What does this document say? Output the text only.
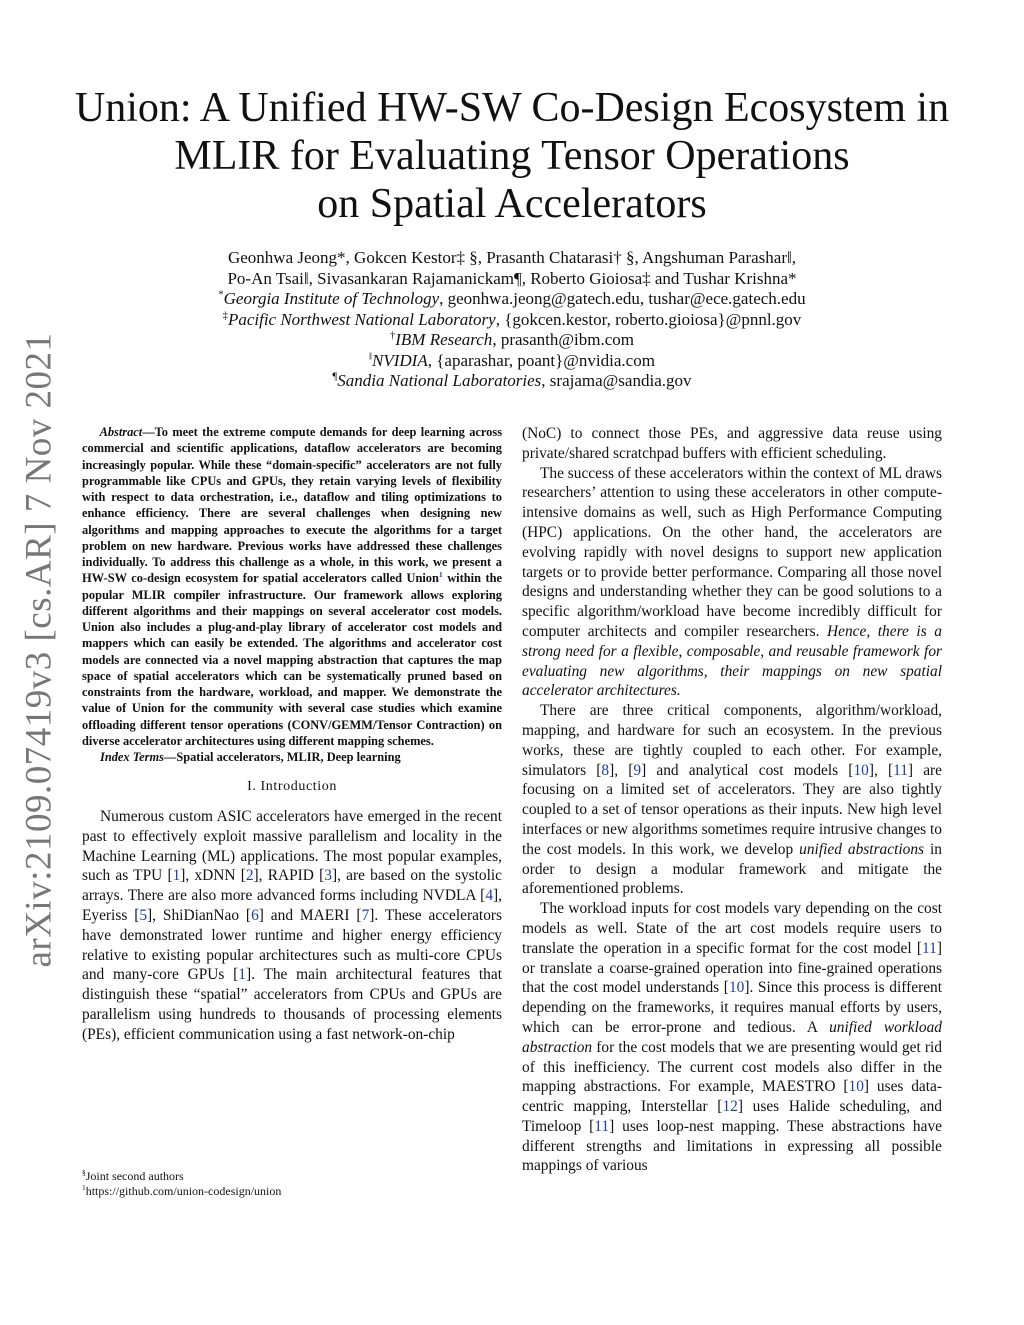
arXiv:2109.07419v3 [cs.AR] 7 Nov 2021
Union: A Unified HW-SW Co-Design Ecosystem in
MLIR for Evaluating Tensor Operations
on Spatial Accelerators
Geonhwa Jeong*, Gokcen Kestor‡ §, Prasanth Chatarasi† §, Angshuman Parashar‖,
Po-An Tsai‖, Sivasankaran Rajamanickam¶, Roberto Gioiosa‡ and Tushar Krishna*
*Georgia Institute of Technology, geonhwa.jeong@gatech.edu, tushar@ece.gatech.edu
‡Pacific Northwest National Laboratory, {gokcen.kestor, roberto.gioiosa}@pnnl.gov
†IBM Research, prasanth@ibm.com
‖NVIDIA, {aparashar, poant}@nvidia.com
¶Sandia National Laboratories, srajama@sandia.gov
Abstract—To meet the extreme compute demands for deep learning across commercial and scientific applications, dataflow accelerators are becoming increasingly popular. While these “domain-specific” accelerators are not fully programmable like CPUs and GPUs, they retain varying levels of flexibility with respect to data orchestration, i.e., dataflow and tiling optimizations to enhance efficiency. There are several challenges when designing new algorithms and mapping approaches to execute the algorithms for a target problem on new hardware. Previous works have addressed these challenges individually. To address this challenge as a whole, in this work, we present a HW-SW co-design ecosystem for spatial accelerators called Union$^1$ within the popular MLIR compiler infrastructure. Our framework allows exploring different algorithms and their mappings on several accelerator cost models. Union also includes a plug-and-play library of accelerator cost models and mappers which can easily be extended. The algorithms and accelerator cost models are connected via a novel mapping abstraction that captures the map space of spatial accelerators which can be systematically pruned based on constraints from the hardware, workload, and mapper. We demonstrate the value of Union for the community with several case studies which examine offloading different tensor operations (CONV/GEMM/Tensor Contraction) on diverse accelerator architectures using different mapping schemes.
Index Terms—Spatial accelerators, MLIR, Deep learning
I. Introduction

Numerous custom ASIC accelerators have emerged in the recent past to effectively exploit massive parallelism and locality in the Machine Learning (ML) applications. The most popular examples, such as TPU [1], xDNN [2], RAPID [3], are based on the systolic arrays. There are also more advanced forms including NVDLA [4], Eyeriss [5], ShiDianNao [6] and MAERI [7]. These accelerators have demonstrated lower runtime and higher energy efficiency relative to existing popular architectures such as multi-core CPUs and many-core GPUs [1]. The main architectural features that distinguish these “spatial” accelerators from CPUs and GPUs are parallelism using hundreds to thousands of processing elements (PEs), efficient communication using a fast network-on-chip

§Joint second authors
$^1$https://github.com/union-codesign/union

(NoC) to connect those PEs, and aggressive data reuse using private/shared scratchpad buffers with efficient scheduling.

The success of these accelerators within the context of ML draws researchers’ attention to using these accelerators in other compute-intensive domains as well, such as High Performance Computing (HPC) applications. On the other hand, the accelerators are evolving rapidly with novel designs to support new application targets or to provide better performance. Comparing all those novel designs and understanding whether they can be good solutions to a specific algorithm/workload have become incredibly difficult for computer architects and compiler researchers. Hence, there is a strong need for a flexible, composable, and reusable framework for evaluating new algorithms, their mappings on new spatial accelerator architectures.

There are three critical components, algorithm/workload, mapping, and hardware for such an ecosystem. In the previous works, these are tightly coupled to each other. For example, simulators [8], [9] and analytical cost models [10], [11] are focusing on a limited set of accelerators. They are also tightly coupled to a set of tensor operations as their inputs. New high level interfaces or new algorithms sometimes require intrusive changes to the cost models. In this work, we develop unified abstractions in order to design a modular framework and mitigate the aforementioned problems.

The workload inputs for cost models vary depending on the cost models as well. State of the art cost models require users to translate the operation in a specific format for the cost model [11] or translate a coarse-grained operation into fine-grained operations that the cost model understands [10]. Since this process is different depending on the frameworks, it requires manual efforts by users, which can be error-prone and tedious. A unified workload abstraction for the cost models that we are presenting would get rid of this inefficiency. The current cost models also differ in the mapping abstractions. For example, MAESTRO [10] uses data-centric mapping, Interstellar [12] uses Halide scheduling, and Timeloop [11] uses loop-nest mapping. These abstractions have different strengths and limitations in expressing all possible mappings of various
